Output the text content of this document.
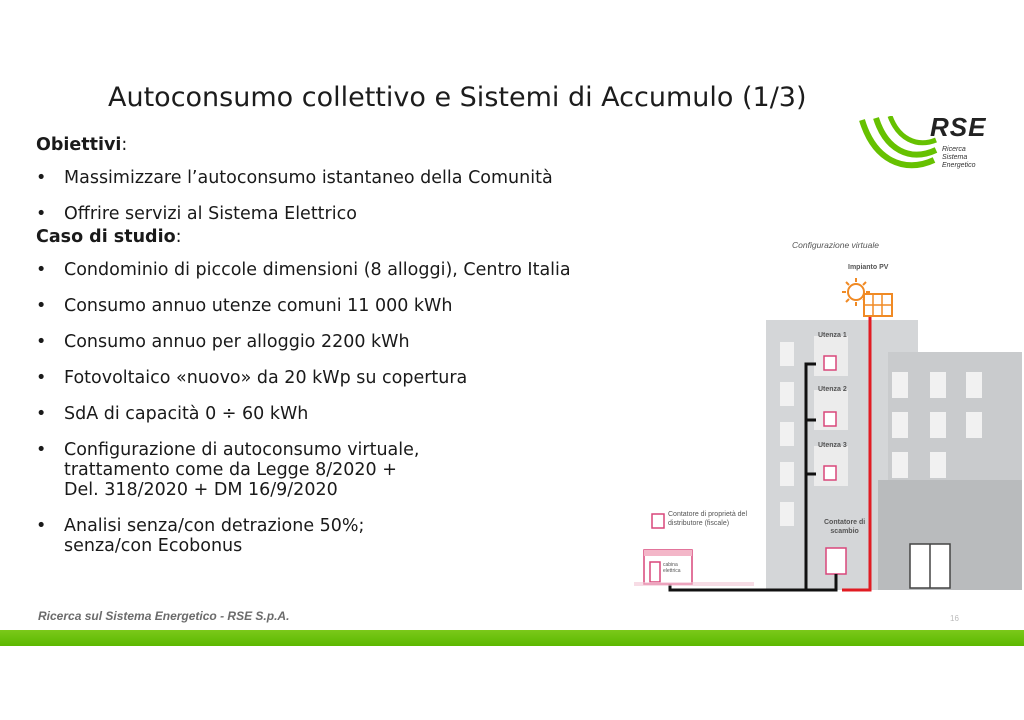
Autoconsumo collettivo e Sistemi di Accumulo (1/3)
RSE
Ricerca
Sistema
Energetico
Obiettivi:
• Massimizzare l’autoconsumo istantaneo della Comunità
• Offrire servizi al Sistema Elettrico
Caso di studio:
• Condominio di piccole dimensioni (8 alloggi), Centro Italia
• Consumo annuo utenze comuni 11 000 kWh
• Consumo annuo per alloggio 2200 kWh
• Fotovoltaico «nuovo» da 20 kWp su copertura
• SdA di capacità 0 ÷ 60 kWh
• Configurazione di autoconsumo virtuale,
trattamento come da Legge 8/2020 +
Del. 318/2020 + DM 16/9/2020
• Analisi senza/con detrazione 50%;
senza/con Ecobonus
Configurazione virtuale
Impianto PV
Utenza 1
Utenza 2
Utenza 3
Contatore di proprietà del
distributore (fiscale)	Contatore di
scambio
cabina
elettrica
Ricerca sul Sistema Energetico - RSE S.p.A.	16
